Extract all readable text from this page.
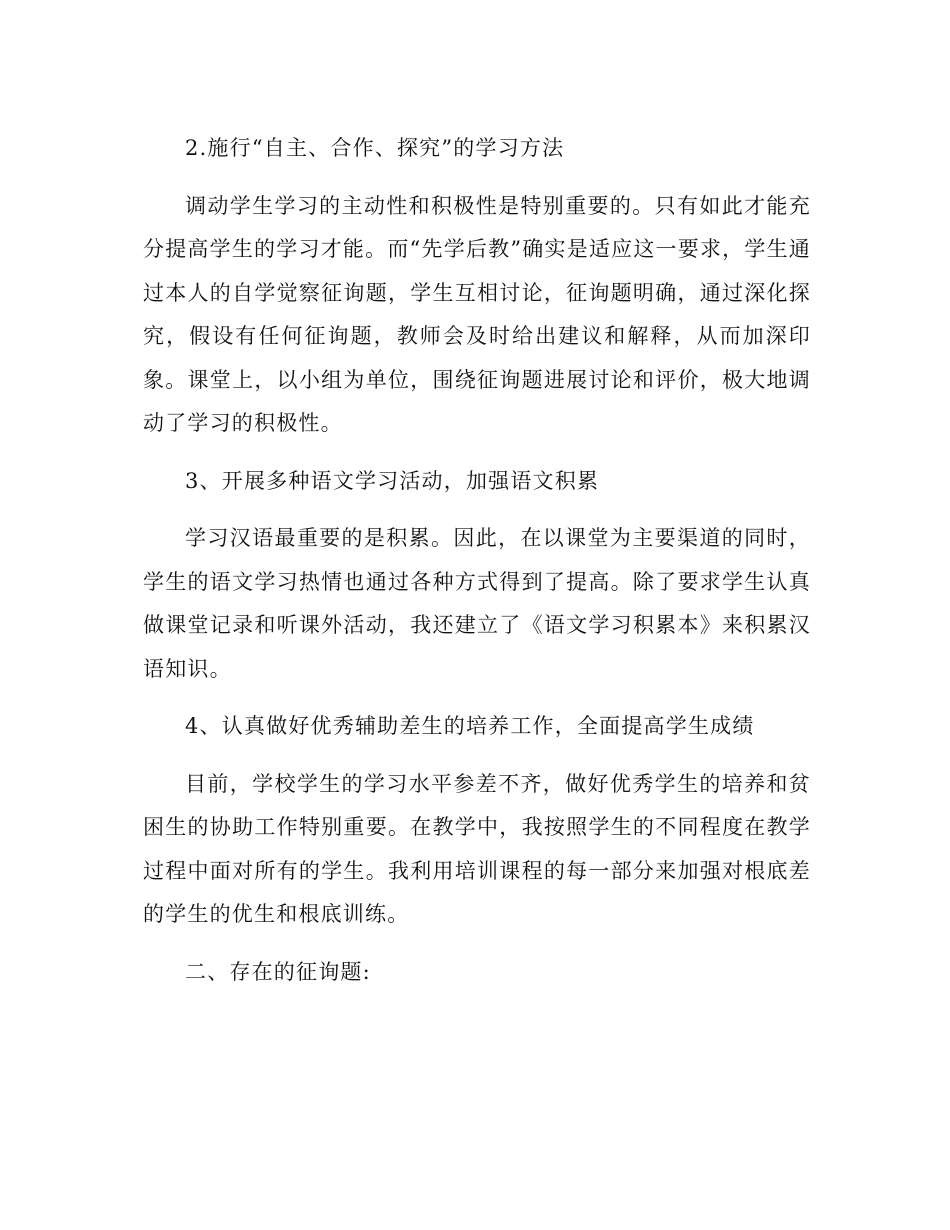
2.施行“自主、合作、探究”的学习方法

调动学生学习的主动性和积极性是特别重要的。只有如此才能充分提高学生的学习才能。而“先学后教”确实是适应这一要求，学生通过本人的自学觉察征询题，学生互相讨论，征询题明确，通过深化探究，假设有任何征询题，教师会及时给出建议和解释，从而加深印象。课堂上，以小组为单位，围绕征询题进展讨论和评价，极大地调动了学习的积极性。

3、开展多种语文学习活动，加强语文积累

学习汉语最重要的是积累。因此，在以课堂为主要渠道的同时，学生的语文学习热情也通过各种方式得到了提高。除了要求学生认真做课堂记录和听课外活动，我还建立了《语文学习积累本》来积累汉语知识。

4、认真做好优秀辅助差生的培养工作，全面提高学生成绩

目前，学校学生的学习水平参差不齐，做好优秀学生的培养和贫困生的协助工作特别重要。在教学中，我按照学生的不同程度在教学过程中面对所有的学生。我利用培训课程的每一部分来加强对根底差的学生的优生和根底训练。

二、存在的征询题:
